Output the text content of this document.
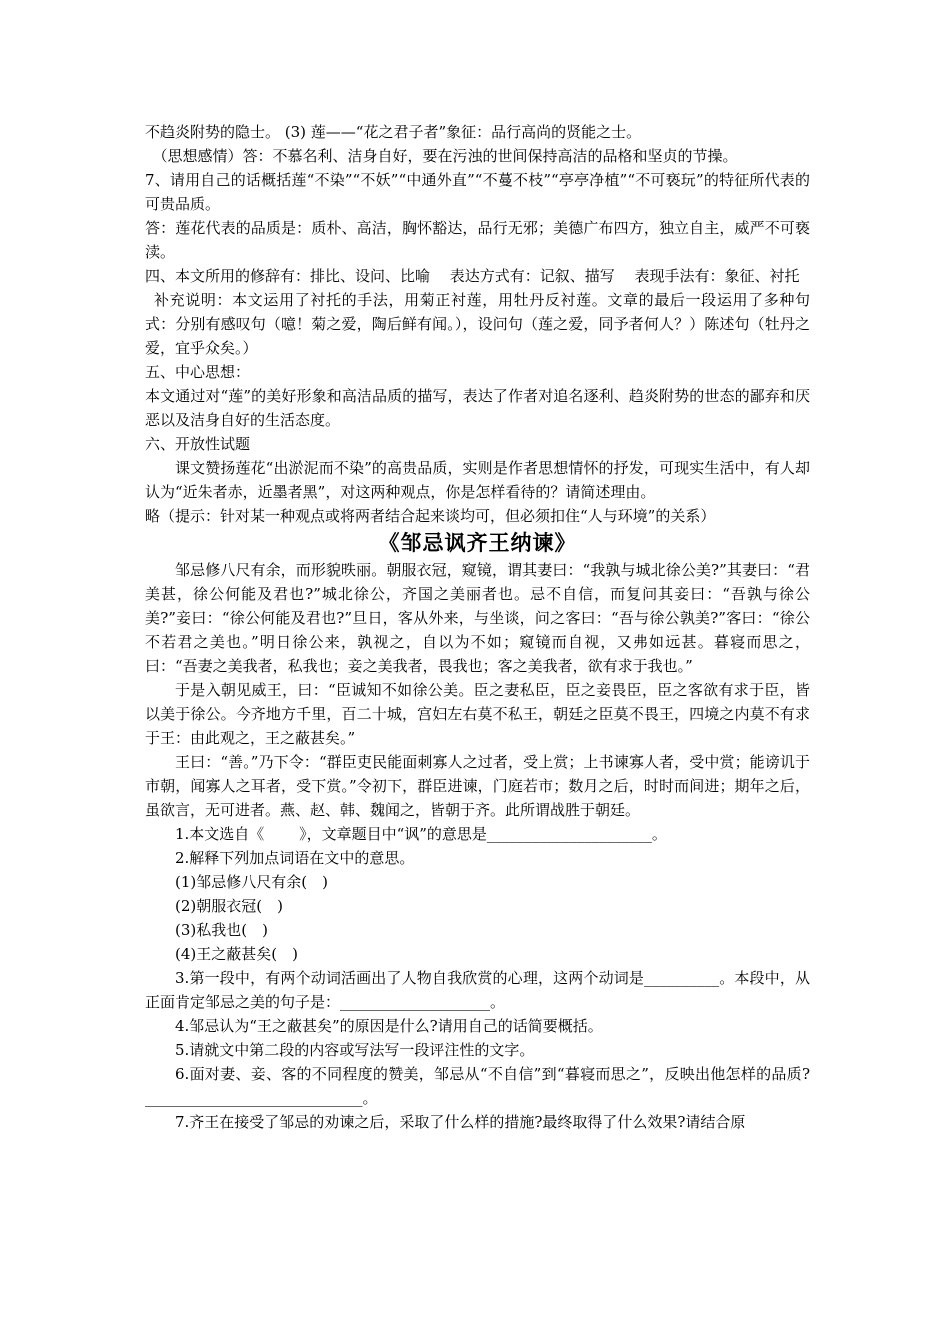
不趋炎附势的隐士。 (3) 莲——“花之君子者”象征：品行高尚的贤能之士。

（思想感情）答：不慕名利、洁身自好，要在污浊的世间保持高洁的品格和坚贞的节操。

7、请用自己的话概括莲“不染”“不妖”“中通外直”“不蔓不枝”“亭亭净植”“不可亵玩”的特征所代表的可贵品质。

答：莲花代表的品质是：质朴、高洁，胸怀豁达，品行无邪；美德广布四方，独立自主，威严不可亵渎。

四、本文所用的修辞有：排比、设问、比喻　 表达方式有：记叙、描写　 表现手法有：象征、衬托

补充说明：本文运用了衬托的手法，用菊正衬莲，用牡丹反衬莲。文章的最后一段运用了多种句式：分别有感叹句（噫！菊之爱，陶后鲜有闻。），设问句（莲之爱，同予者何人？）陈述句（牡丹之爱，宜乎众矣。）

五、中心思想：

本文通过对“莲”的美好形象和高洁品质的描写，表达了作者对追名逐利、趋炎附势的世态的鄙弃和厌恶以及洁身自好的生活态度。

六、开放性试题

课文赞扬莲花“出淤泥而不染”的高贵品质，实则是作者思想情怀的抒发，可现实生活中，有人却认为“近朱者赤，近墨者黑”，对这两种观点，你是怎样看待的？请简述理由。

略（提示：针对某一种观点或将两者结合起来谈均可，但必须扣住“人与环境”的关系）

《邹忌讽齐王纳谏》

邹忌修八尺有余，而形貌昳丽。朝服衣冠，窥镜，谓其妻曰：“我孰与城北徐公美?”其妻曰：“君美甚，徐公何能及君也?”城北徐公，齐国之美丽者也。忌不自信，而复问其妾曰：“吾孰与徐公美?”妾曰：“徐公何能及君也?”旦日，客从外来，与坐谈，问之客曰：“吾与徐公孰美?”客曰：“徐公不若君之美也。”明日徐公来，孰视之，自以为不如；窥镜而自视，又弗如远甚。暮寝而思之，曰：“吾妻之美我者，私我也；妾之美我者，畏我也；客之美我者，欲有求于我也。”

于是入朝见威王，曰：“臣诚知不如徐公美。臣之妻私臣，臣之妾畏臣，臣之客欲有求于臣，皆以美于徐公。今齐地方千里，百二十城，宫妇左右莫不私王，朝廷之臣莫不畏王，四境之内莫不有求于王：由此观之，王之蔽甚矣。”

王曰：“善。”乃下令：“群臣吏民能面刺寡人之过者，受上赏；上书谏寡人者，受中赏；能谤讥于市朝，闻寡人之耳者，受下赏。”令初下，群臣进谏，门庭若市；数月之后，时时而间进；期年之后，虽欲言，无可进者。燕、赵、韩、魏闻之，皆朝于齐。此所谓战胜于朝廷。

1.本文选自《　　 》，文章题目中“讽”的意思是______________________。

2.解释下列加点词语在文中的意思。

(1)邹忌修八尺有余(　)

(2)朝服衣冠(　)

(3)私我也(　)

(4)王之蔽甚矣(　)

3.第一段中，有两个动词活画出了人物自我欣赏的心理，这两个动词是__________。本段中，从正面肯定邹忌之美的句子是：____________________。

4.邹忌认为“王之蔽甚矣”的原因是什么?请用自己的话简要概括。

5.请就文中第二段的内容或写法写一段评注性的文字。

6.面对妻、妾、客的不同程度的赞美，邹忌从“不自信”到“暮寝而思之”，反映出他怎样的品质?_____________________________。

7.齐王在接受了邹忌的劝谏之后，采取了什么样的措施?最终取得了什么效果?请结合原
